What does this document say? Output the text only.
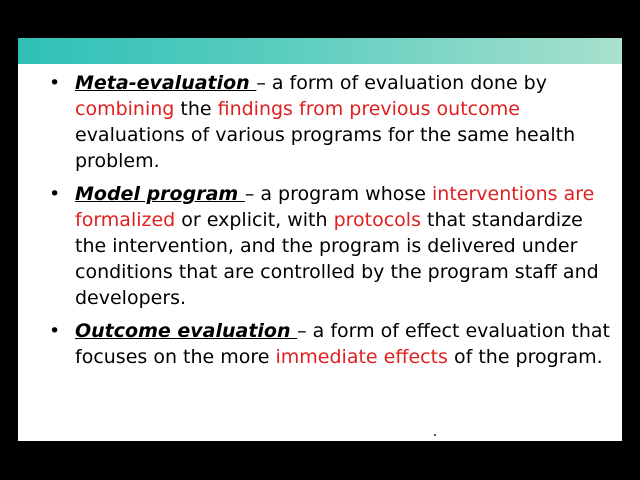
• Meta-evaluation – a form of evaluation done by combining the findings from previous outcome evaluations of various programs for the same health problem.
• Model program – a program whose interventions are formalized or explicit, with protocols that standardize the intervention, and the program is delivered under conditions that are controlled by the program staff and developers.
• Outcome evaluation – a form of effect evaluation that focuses on the more immediate effects of the program.
